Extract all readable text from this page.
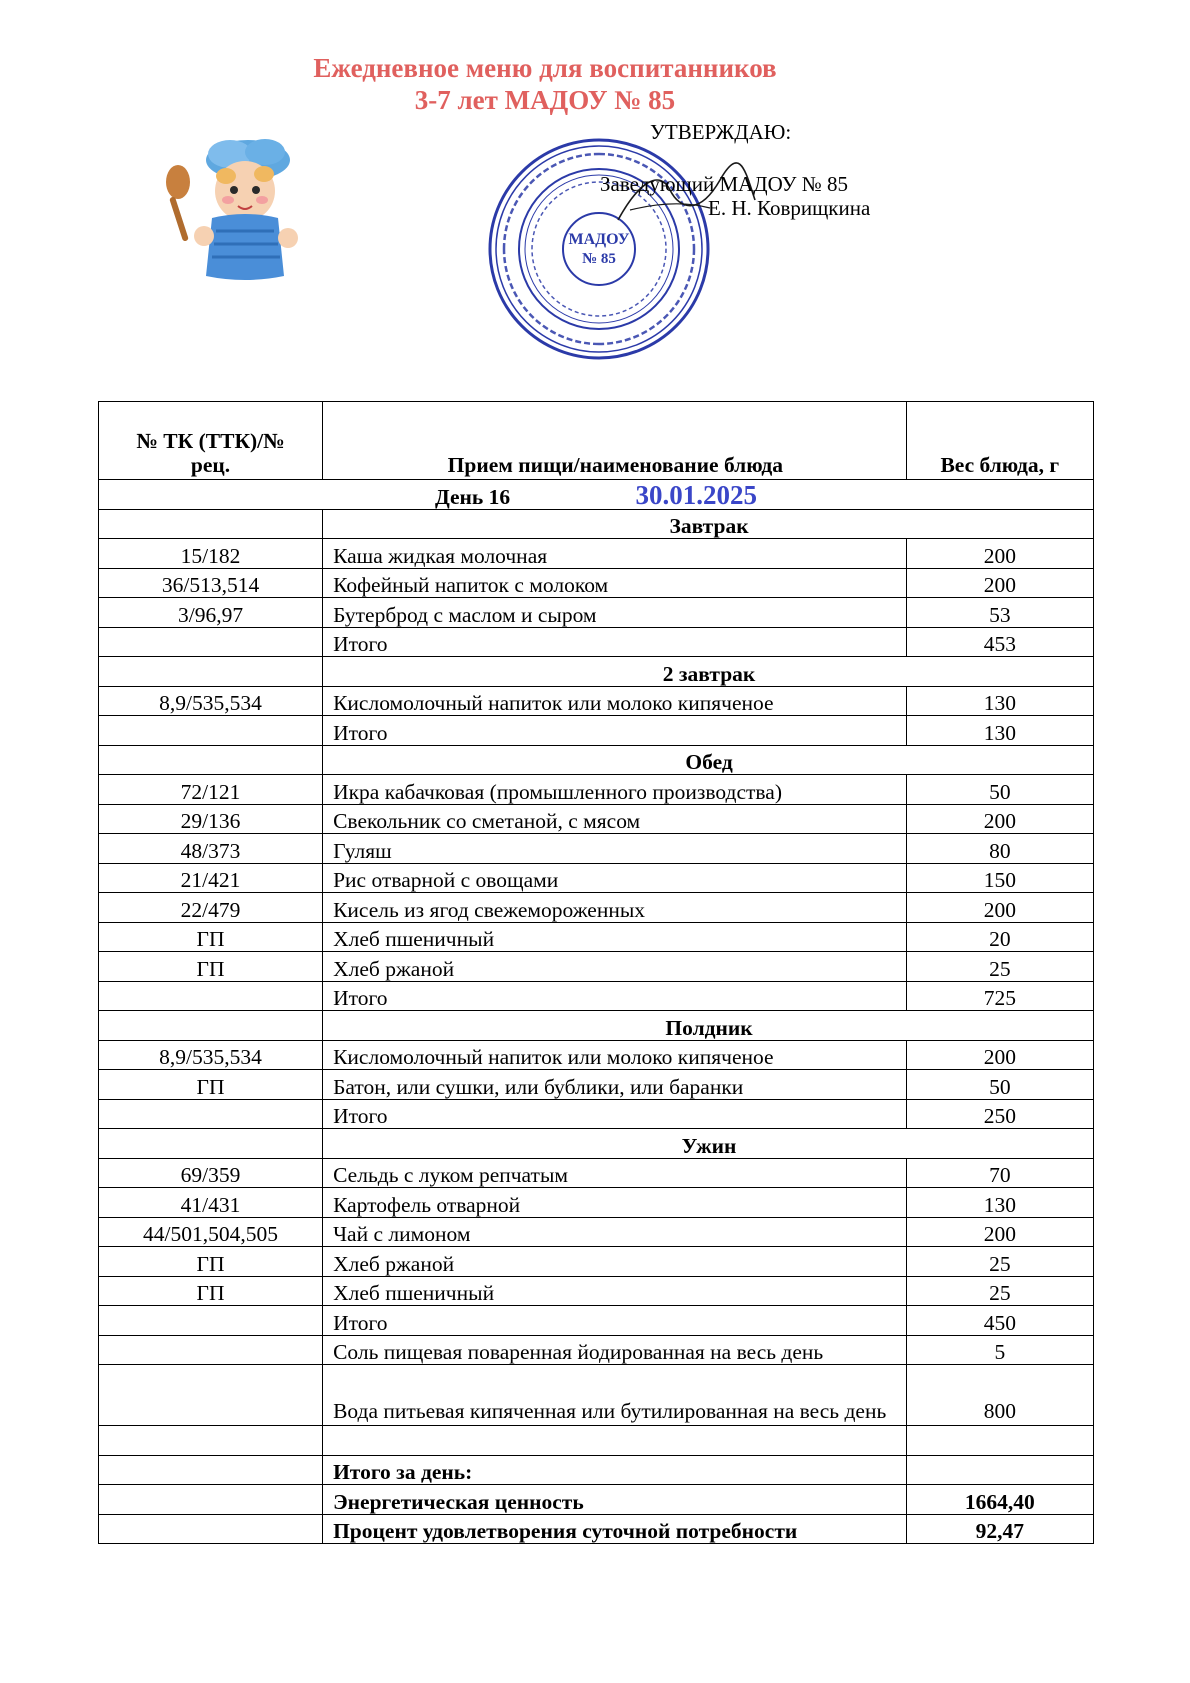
Ежедневное меню для воспитанников
3-7 лет МАДОУ № 85
МАДОУ
№ 85
УТВЕРЖДАЮ:
Заведующий МАДОУ № 85
Е. Н. Коврищкина
№ ТК (ТТК)/№
рец.	Прием пищи/наименование блюда	Вес блюда, г
День 16 30.01.2025		
	Завтрак	
15/182	Каша жидкая молочная	200
36/513,514	Кофейный напиток с молоком	200
3/96,97	Бутерброд с маслом и сыром	53
	Итого	453
	2 завтрак	
8,9/535,534	Кисломолочный напиток или молоко кипяченое	130
	Итого	130
	Обед	
72/121	Икра кабачковая (промышленного производства)	50
29/136	Свекольник со сметаной, с мясом	200
48/373	Гуляш	80
21/421	Рис отварной с овощами	150
22/479	Кисель из ягод свежемороженных	200
ГП	Хлеб пшеничный	20
ГП	Хлеб ржаной	25
	Итого	725
	Полдник	
8,9/535,534	Кисломолочный напиток или молоко кипяченое	200
ГП	Батон, или сушки, или бублики, или баранки	50
	Итого	250
	Ужин	
69/359	Сельдь с луком репчатым	70
41/431	Картофель отварной	130
44/501,504,505	Чай с лимоном	200
ГП	Хлеб ржаной	25
ГП	Хлеб пшеничный	25
	Итого	450
	Соль пищевая поваренная йодированная на весь день	5
	Вода питьевая кипяченная или бутилированная на весь день	800

	Итого за день:	
	Энергетическая ценность	1664,40
	Процент удовлетворения суточной потребности	92,47
